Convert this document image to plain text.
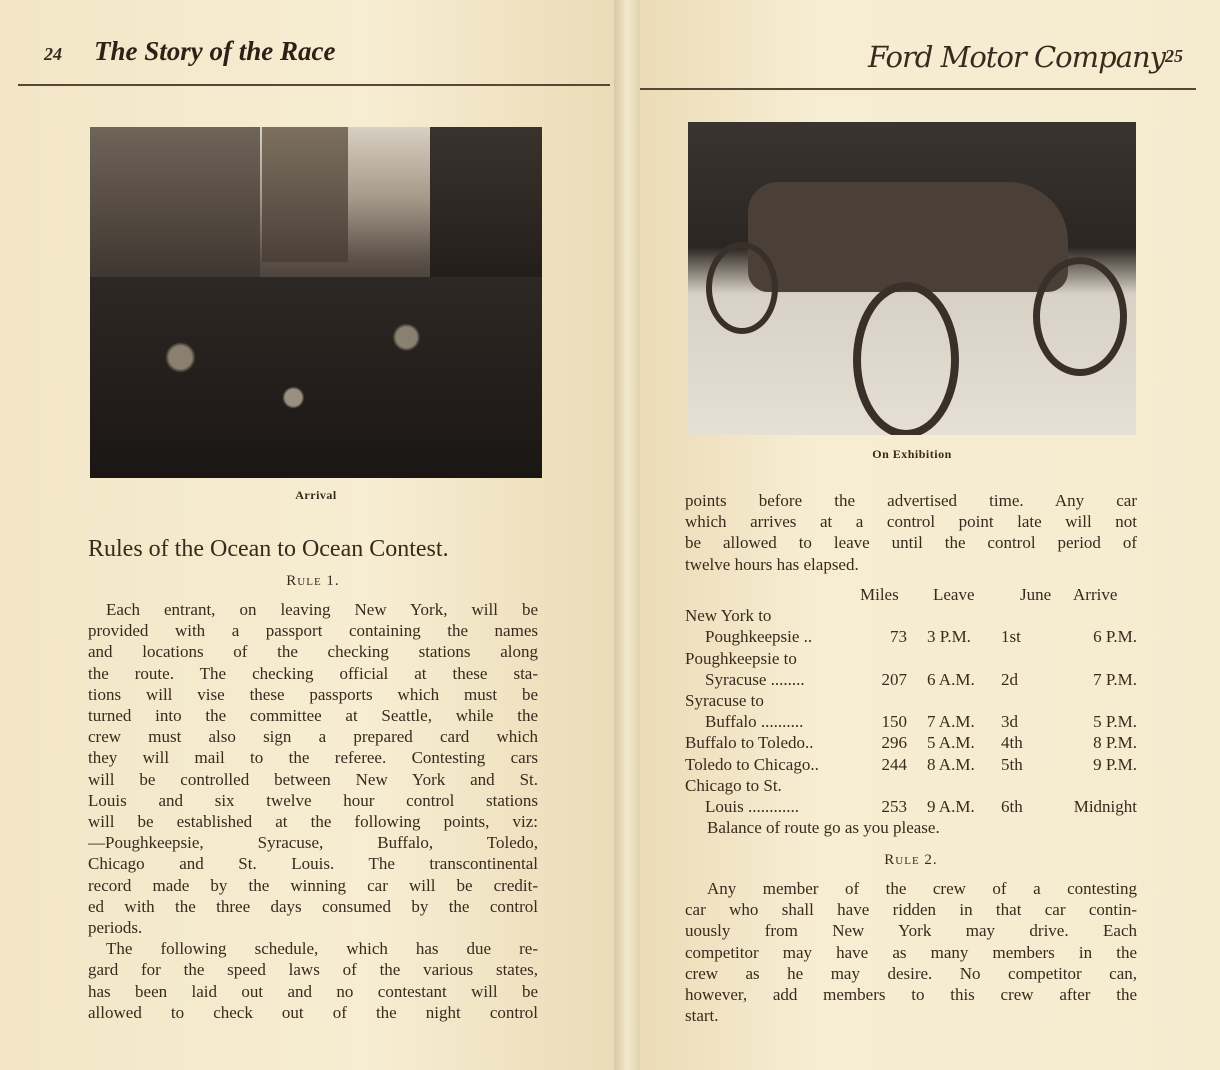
24 The Story of the Race
Arrival
Rules of the Ocean to Ocean Contest.
Rule 1.
Each entrant, on leaving New York, will be
provided with a passport containing the names
and locations of the checking stations along
the route. The checking official at these sta-
tions will vise these passports which must be
turned into the committee at Seattle, while the
crew must also sign a prepared card which
they will mail to the referee. Contesting cars
will be controlled between New York and St.
Louis and six twelve hour control stations
will be established at the following points, viz:
—Poughkeepsie, Syracuse, Buffalo, Toledo,
Chicago and St. Louis. The transcontinental
record made by the winning car will be credit-
ed with the three days consumed by the control
periods.
The following schedule, which has due re-
gard for the speed laws of the various states,
has been laid out and no contestant will be
allowed to check out of the night control
Ford Motor Company 25
On Exhibition
points before the advertised time. Any car
which arrives at a control point late will not
be allowed to leave until the control period of
twelve hours has elapsed.
Miles Leave	June Arrive
New York to
Poughkeepsie ..	73 3 P.M. 1st	6 P.M.
Poughkeepsie to
Syracuse ........	207 6 A.M. 2d	7 P.M.
Syracuse to
Buffalo ..........	150 7 A.M. 3d	5 P.M.
Buffalo to Toledo..	296 5 A.M. 4th	8 P.M.
Toledo to Chicago..	244 8 A.M. 5th	9 P.M.
Chicago to St.
Louis ............	253 9 A.M. 6th	Midnight
Balance of route go as you please.
Rule 2.
Any member of the crew of a contesting
car who shall have ridden in that car contin-
uously from New York may drive. Each
competitor may have as many members in the
crew as he may desire. No competitor can,
however, add members to this crew after the
start.
